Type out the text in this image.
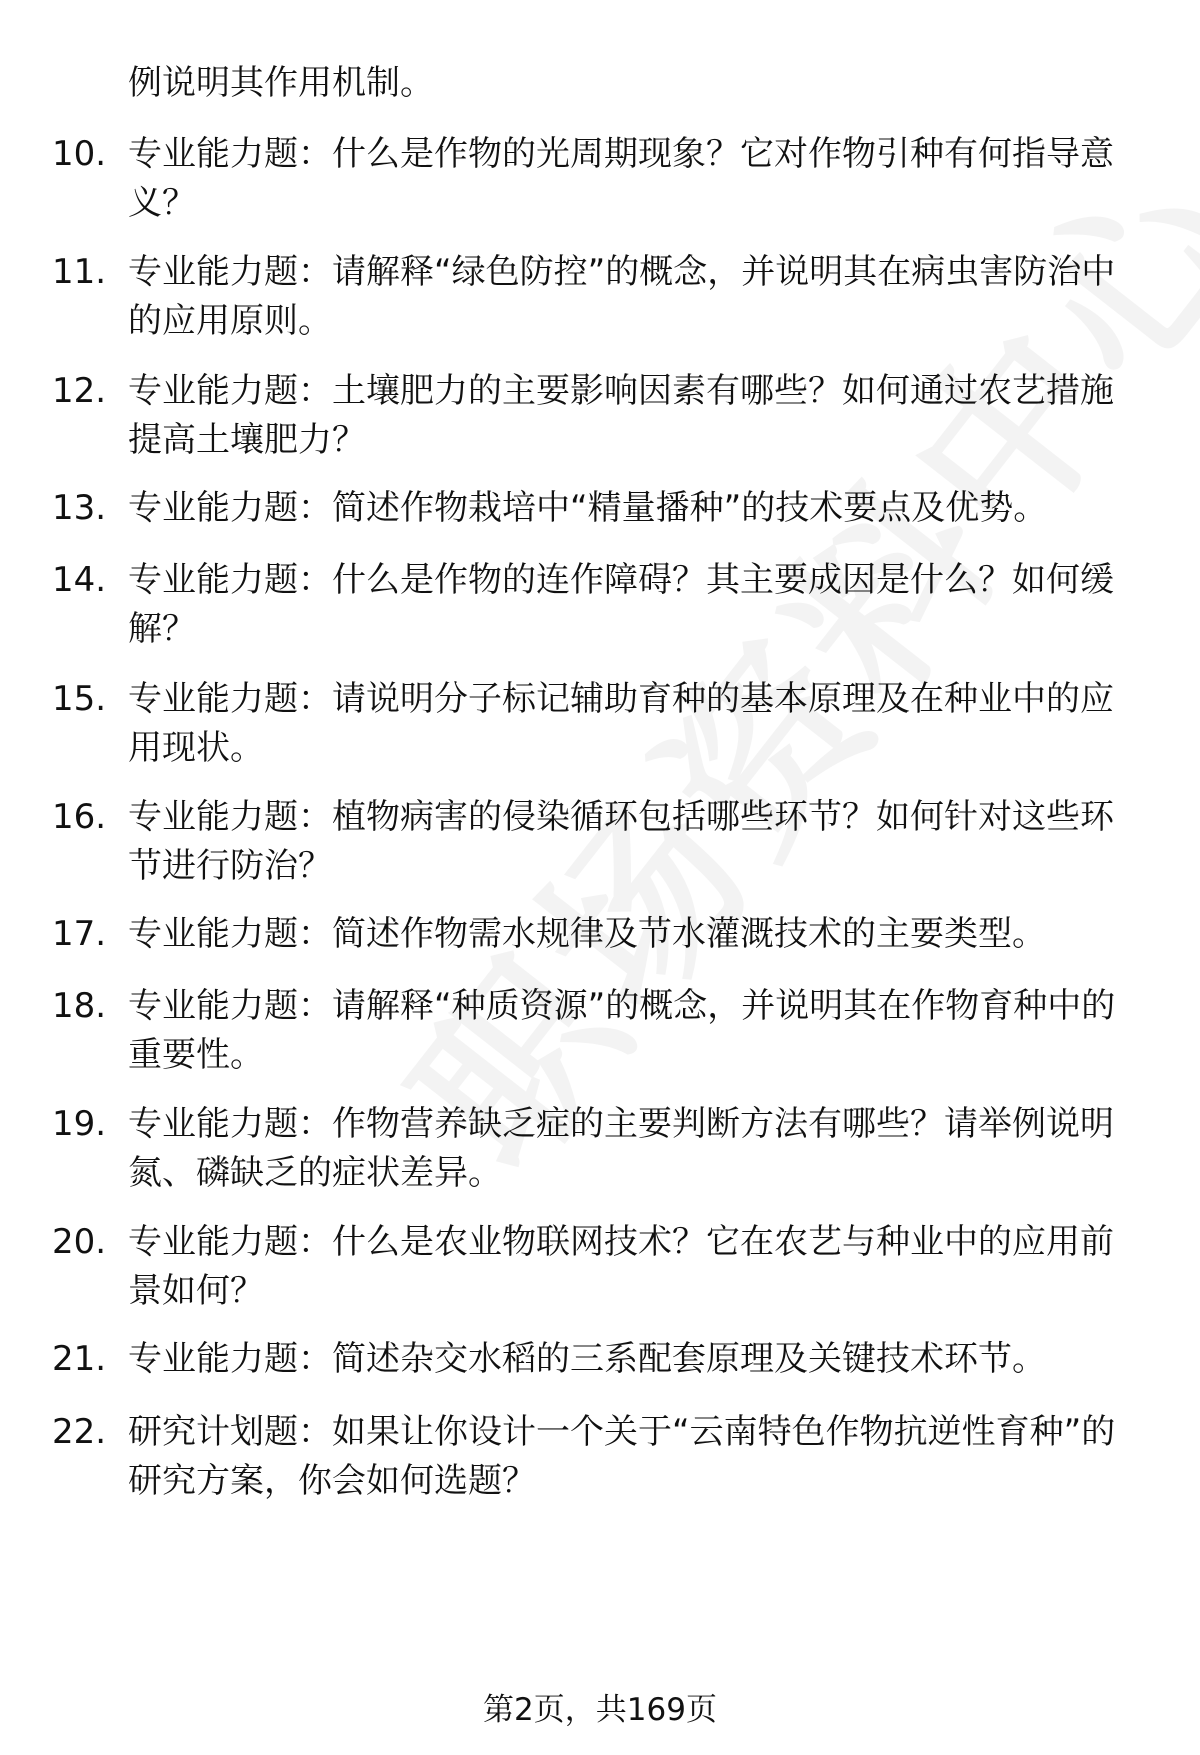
例说明其作用机制。

10. 专业能力题：什么是作物的光周期现象？它对作物引种有何指导意义？

11. 专业能力题：请解释“绿色防控”的概念，并说明其在病虫害防治中的应用原则。

12. 专业能力题：土壤肥力的主要影响因素有哪些？如何通过农艺措施提高土壤肥力？

13. 专业能力题：简述作物栽培中“精量播种”的技术要点及优势。

14. 专业能力题：什么是作物的连作障碍？其主要成因是什么？如何缓解？

15. 专业能力题：请说明分子标记辅助育种的基本原理及在种业中的应用现状。

16. 专业能力题：植物病害的侵染循环包括哪些环节？如何针对这些环节进行防治？

17. 专业能力题：简述作物需水规律及节水灌溉技术的主要类型。

18. 专业能力题：请解释“种质资源”的概念，并说明其在作物育种中的重要性。

19. 专业能力题：作物营养缺乏症的主要判断方法有哪些？请举例说明氮、磷缺乏的症状差异。

20. 专业能力题：什么是农业物联网技术？它在农艺与种业中的应用前景如何？

21. 专业能力题：简述杂交水稻的三系配套原理及关键技术环节。

22. 研究计划题：如果让你设计一个关于“云南特色作物抗逆性育种”的研究方案，你会如何选题？

第2页，共169页
